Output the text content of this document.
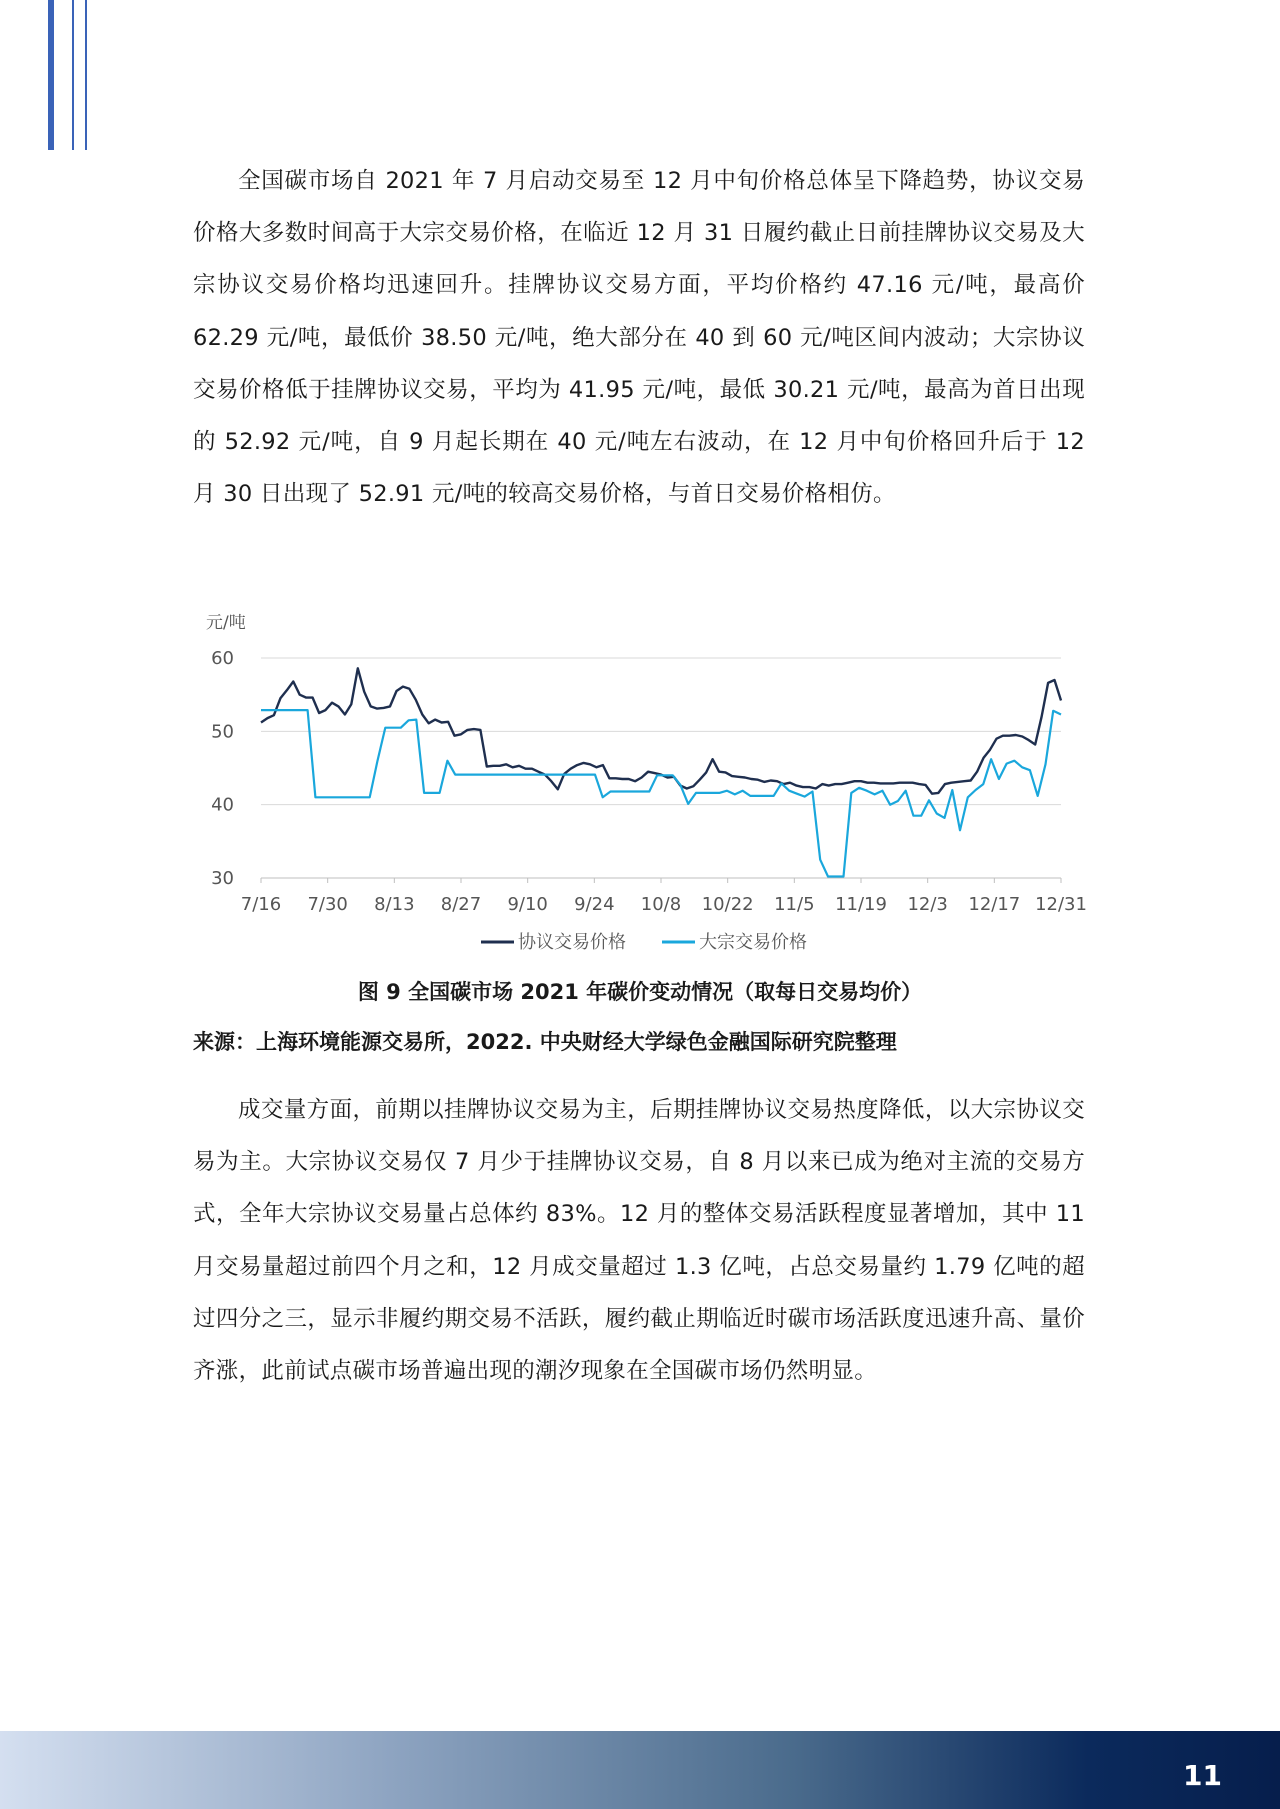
全国碳市场自 2021 年 7 月启动交易至 12 月中旬价格总体呈下降趋势，协议交易价格大多数时间高于大宗交易价格，在临近 12 月 31 日履约截止日前挂牌协议交易及大宗协议交易价格均迅速回升。挂牌协议交易方面，平均价格约 47.16 元/吨，最高价 62.29 元/吨，最低价 38.50 元/吨，绝大部分在 40 到 60 元/吨区间内波动；大宗协议交易价格低于挂牌协议交易，平均为 41.95 元/吨，最低 30.21 元/吨，最高为首日出现的 52.92 元/吨，自 9 月起长期在 40 元/吨左右波动，在 12 月中旬价格回升后于 12 月 30 日出现了 52.91 元/吨的较高交易价格，与首日交易价格相仿。

元/吨
60
50
40
30
7/16 7/30 8/13 8/27 9/10 9/24 10/8 10/22 11/5 11/19 12/3 12/17 12/31
协议交易价格	大宗交易价格

图 9 全国碳市场 2021 年碳价变动情况（取每日交易均价）

来源：上海环境能源交易所，2022. 中央财经大学绿色金融国际研究院整理

成交量方面，前期以挂牌协议交易为主，后期挂牌协议交易热度降低，以大宗协议交易为主。大宗协议交易仅 7 月少于挂牌协议交易，自 8 月以来已成为绝对主流的交易方式，全年大宗协议交易量占总体约 83%。12 月的整体交易活跃程度显著增加，其中 11 月交易量超过前四个月之和，12 月成交量超过 1.3 亿吨，占总交易量约 1.79 亿吨的超过四分之三，显示非履约期交易不活跃，履约截止期临近时碳市场活跃度迅速升高、量价齐涨，此前试点碳市场普遍出现的潮汐现象在全国碳市场仍然明显。

11
